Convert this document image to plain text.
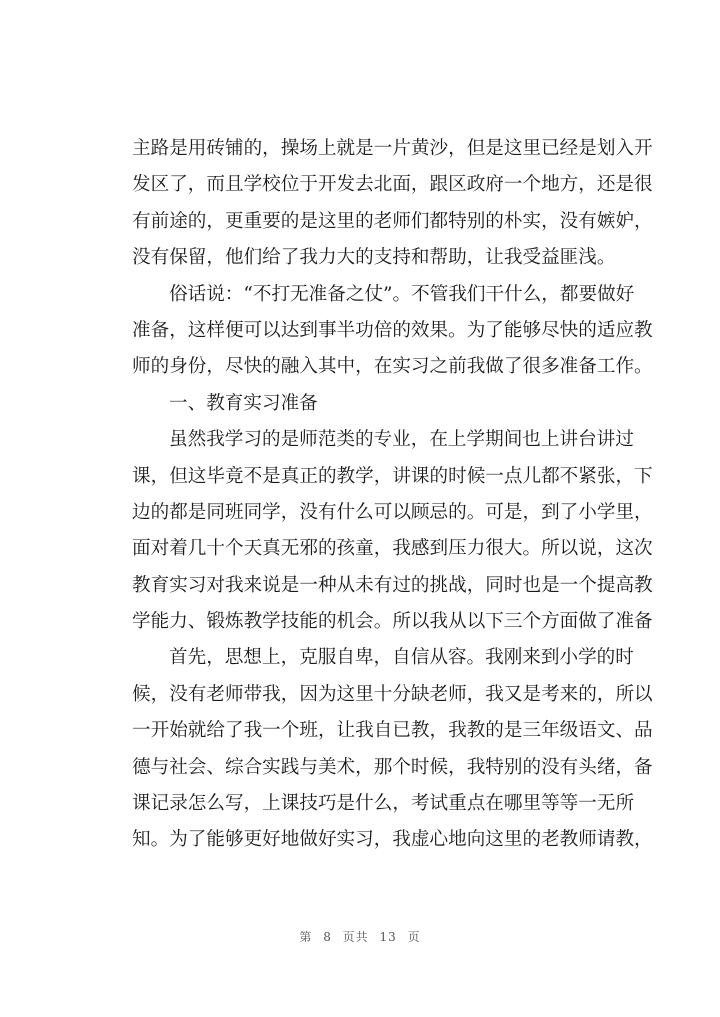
主路是用砖铺的，操场上就是一片黄沙，但是这里已经是划入开
发区了，而且学校位于开发去北面，跟区政府一个地方，还是很
有前途的，更重要的是这里的老师们都特别的朴实，没有嫉妒，
没有保留，他们给了我力大的支持和帮助，让我受益匪浅。
俗话说：“不打无准备之仗”。不管我们干什么，都要做好
准备，这样便可以达到事半功倍的效果。为了能够尽快的适应教
师的身份，尽快的融入其中，在实习之前我做了很多准备工作。
一、教育实习准备
虽然我学习的是师范类的专业，在上学期间也上讲台讲过
课，但这毕竟不是真正的教学，讲课的时候一点儿都不紧张，下
边的都是同班同学，没有什么可以顾忌的。可是，到了小学里，
面对着几十个天真无邪的孩童，我感到压力很大。所以说，这次
教育实习对我来说是一种从未有过的挑战，同时也是一个提高教
学能力、锻炼教学技能的机会。所以我从以下三个方面做了准备
首先，思想上，克服自卑，自信从容。我刚来到小学的时
候，没有老师带我，因为这里十分缺老师，我又是考来的，所以
一开始就给了我一个班，让我自已教，我教的是三年级语文、品
德与社会、综合实践与美术，那个时候，我特别的没有头绪，备
课记录怎么写，上课技巧是什么，考试重点在哪里等等一无所
知。为了能够更好地做好实习，我虚心地向这里的老教师请教，
第 8 页共 13 页
